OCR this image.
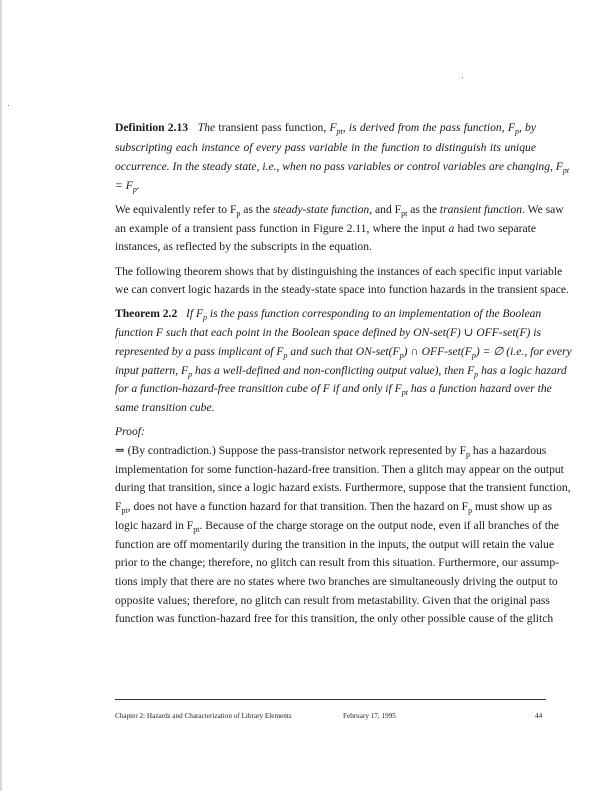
Definition 2.13 The transient pass function, $F_{pt}$, is derived from the pass function, $F_p$, by
subscripting each instance of every pass variable in the function to distinguish its unique
occurrence. In the steady state, i.e., when no pass variables or control variables are changing, $F_{pt}$
= $F_p$.
We equivalently refer to $F_p$ as the steady-state function, and $F_{pt}$ as the transient function. We saw
an example of a transient pass function in Figure 2.11, where the input a had two separate
instances, as reflected by the subscripts in the equation.
The following theorem shows that by distinguishing the instances of each specific input variable
we can convert logic hazards in the steady-state space into function hazards in the transient space.
Theorem 2.2 If $F_p$ is the pass function corresponding to an implementation of the Boolean
function F such that each point in the Boolean space defined by ON-set(F) ∪ OFF-set(F) is
represented by a pass implicant of $F_p$ and such that $ON-set(F_p)$ ∩ OFF-$set(F_p)$ = ∅ (i.e., for every
input pattern, $F_p$ has a well-defined and non-conflicting output value), then $F_p$ has a logic hazard
for a function-hazard-free transition cube of F if and only if $F_{pt}$ has a function hazard over the
same transition cube.
Proof:
⇒ (By contradiction.) Suppose the pass-transistor network represented by $F_p$ has a hazardous
implementation for some function-hazard-free transition. Then a glitch may appear on the output
during that transition, since a logic hazard exists. Furthermore, suppose that the transient function,
$F_{pt}$, does not have a function hazard for that transition. Then the hazard on $F_p$ must show up as
logic hazard in $F_{pt}$. Because of the charge storage on the output node, even if all branches of the
function are off momentarily during the transition in the inputs, the output will retain the value
prior to the change; therefore, no glitch can result from this situation. Furthermore, our assump-
tions imply that there are no states where two branches are simultaneously driving the output to
opposite values; therefore, no glitch can result from metastability. Given that the original pass
function was function-hazard free for this transition, the only other possible cause of the glitch
Chapter 2: Hazards and Characterization of Library Elements	February 17, 1995	44
